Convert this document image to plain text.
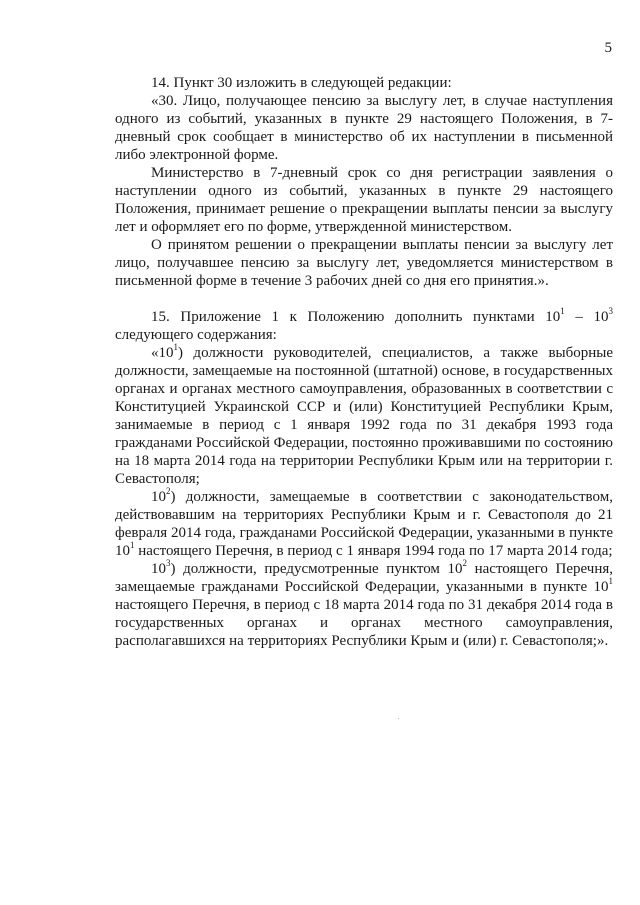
5

14. Пункт 30 изложить в следующей редакции:

«30. Лицо, получающее пенсию за выслугу лет, в случае наступления одного из событий, указанных в пункте 29 настоящего Положения, в 7-дневный срок сообщает в министерство об их наступлении в письменной либо электронной форме.

Министерство в 7-дневный срок со дня регистрации заявления о наступлении одного из событий, указанных в пункте 29 настоящего Положения, принимает решение о прекращении выплаты пенсии за выслугу лет и оформляет его по форме, утвержденной министерством.

О принятом решении о прекращении выплаты пенсии за выслугу лет лицо, получавшее пенсию за выслугу лет, уведомляется министерством в письменной форме в течение 3 рабочих дней со дня его принятия.».

15. Приложение 1 к Положению дополнить пунктами $10^1 - 10^3$ следующего содержания:

«$10^1$) должности руководителей, специалистов, а также выборные должности, замещаемые на постоянной (штатной) основе, в государственных органах и органах местного самоуправления, образованных в соответствии с Конституцией Украинской ССР и (или) Конституцией Республики Крым, занимаемые в период с 1 января 1992 года по 31 декабря 1993 года гражданами Российской Федерации, постоянно проживавшими по состоянию на 18 марта 2014 года на территории Республики Крым или на территории г. Севастополя;

$10^2$) должности, замещаемые в соответствии с законодательством, действовавшим на территориях Республики Крым и г. Севастополя до 21 февраля 2014 года, гражданами Российской Федерации, указанными в пункте $10^1$ настоящего Перечня, в период с 1 января 1994 года по 17 марта 2014 года;

$10^3$) должности, предусмотренные пунктом $10^2$ настоящего Перечня, замещаемые гражданами Российской Федерации, указанными в пункте $10^1$ настоящего Перечня, в период с 18 марта 2014 года по 31 декабря 2014 года в государственных органах и органах местного самоуправления, располагавшихся на территориях Республики Крым и (или) г. Севастополя;».
